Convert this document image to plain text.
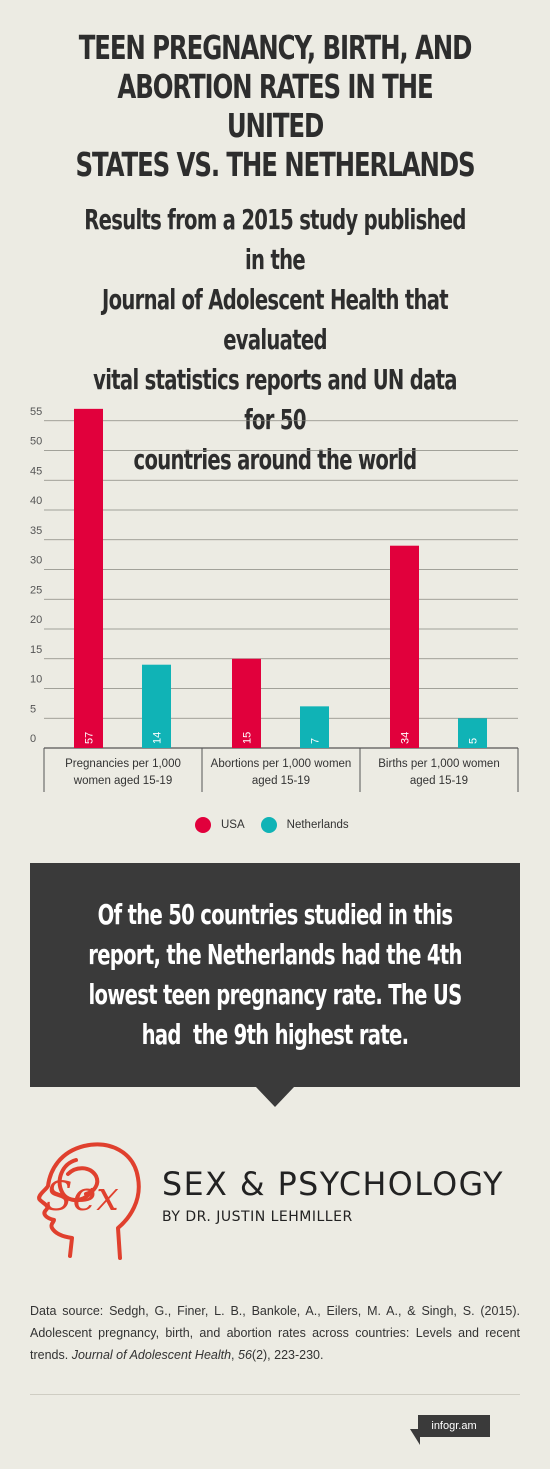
TEEN PREGNANCY, BIRTH, AND
ABORTION RATES IN THE UNITED
STATES VS. THE NETHERLANDS
Results from a 2015 study published in the
Journal of Adolescent Health that evaluated
vital statistics reports and UN data for 50
countries around the world
0
5
10
15
20
25
30
35
40
45
50
55
57	14
Pregnancies per 1,000
women aged 15-19
15	7
Abortions per 1,000 women
aged 15-19
34	5
Births per 1,000 women
aged 15-19
USA	Netherlands
Of the 50 countries studied in this
report, the Netherlands had the 4th
lowest teen pregnancy rate. The US
had  the 9th highest rate.
Sex SEX & PSYCHOLOGY
BY DR. JUSTIN LEHMILLER
Data source: Sedgh, G., Finer, L. B., Bankole, A., Eilers, M. A., & Singh, S. (2015). Adolescent pregnancy, birth, and abortion rates across countries: Levels and recent trends. Journal of Adolescent Health, 56(2), 223-230.
infogr.am
